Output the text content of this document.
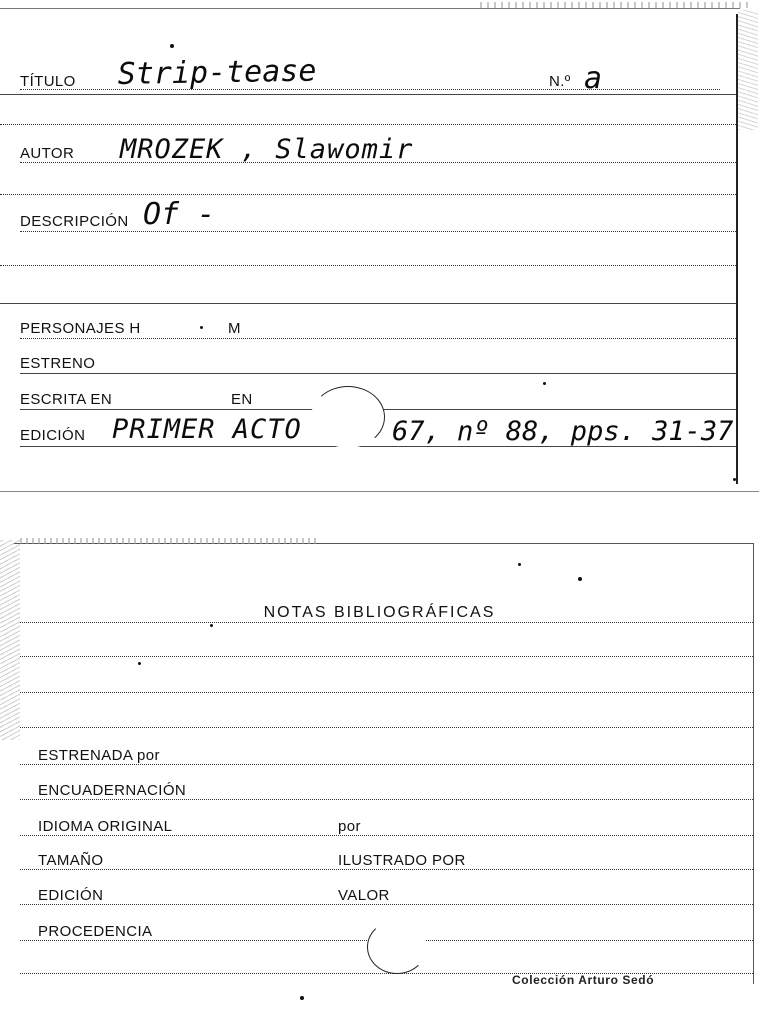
TÍTULO Strip-tease	N.º a
AUTOR MROZEK , Slawomir
DESCRIPCIÓN Of -
PERSONAJES H	M
ESTRENO
ESCRITA EN	EN
EDICIÓN PRIMER ACTO	67, nº 88, pps. 31-37
NOTAS BIBLIOGRÁFICAS
ESTRENADA por
ENCUADERNACIÓN
IDIOMA ORIGINAL	por
TAMAÑO	ILUSTRADO POR
EDICIÓN	VALOR
PROCEDENCIA
Colección Arturo Sedó
